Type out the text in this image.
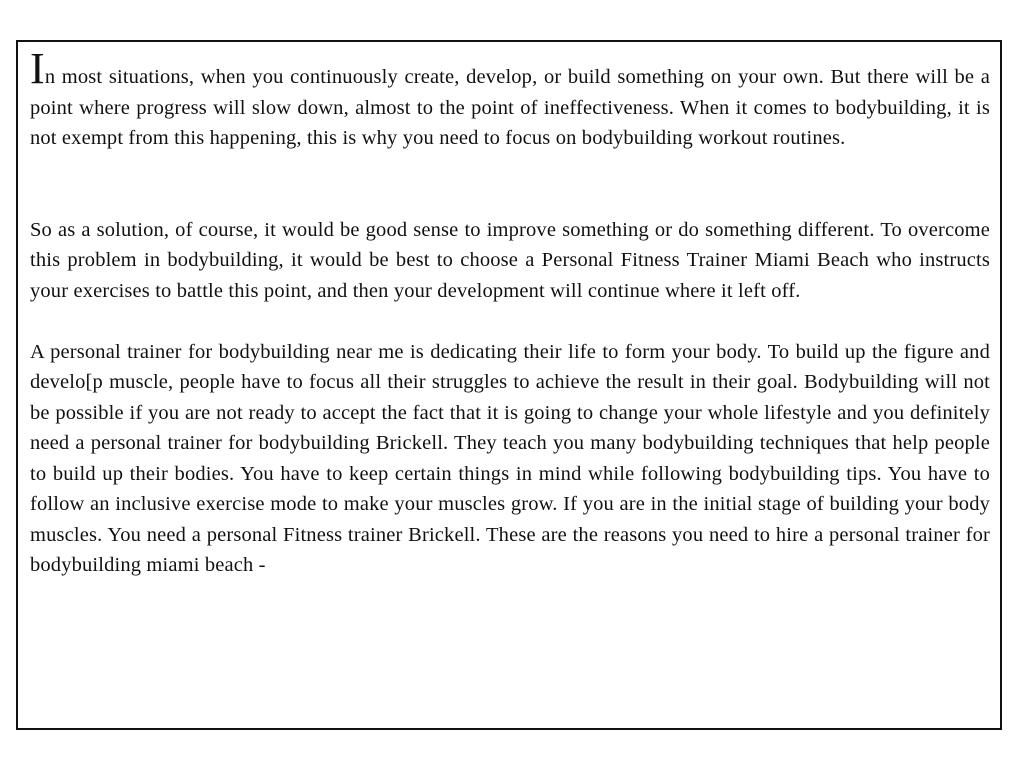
In most situations, when you continuously create, develop, or build something on your own. But there will be a point where progress will slow down, almost to the point of ineffectiveness. When it comes to bodybuilding, it is not exempt from this happening, this is why you need to focus on bodybuilding workout routines.

So as a solution, of course, it would be good sense to improve something or do something different. To overcome this problem in bodybuilding, it would be best to choose a Personal Fitness Trainer Miami Beach who instructs your exercises to battle this point, and then your development will continue where it left off.

A personal trainer for bodybuilding near me is dedicating their life to form your body. To build up the figure and develo[p muscle, people have to focus all their struggles to achieve the result in their goal. Bodybuilding will not be possible if you are not ready to accept the fact that it is going to change your whole lifestyle and you definitely need a personal trainer for bodybuilding Brickell. They teach you many bodybuilding techniques that help people to build up their bodies. You have to keep certain things in mind while following bodybuilding tips. You have to follow an inclusive exercise mode to make your muscles grow. If you are in the initial stage of building your body muscles. You need a personal Fitness trainer Brickell. These are the reasons you need to hire a personal trainer for bodybuilding miami beach -
